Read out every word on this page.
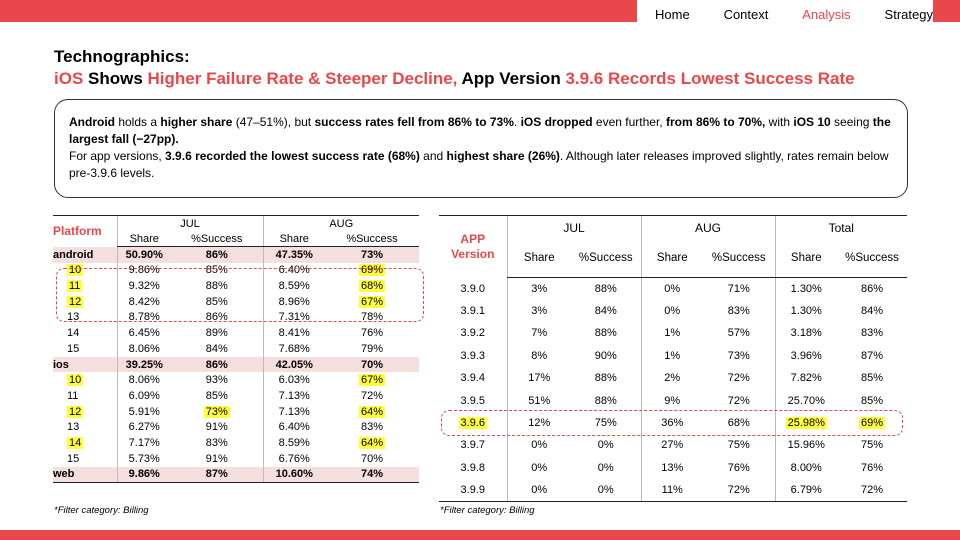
Home	Context	Analysis	Strategy
Technographics:
iOS Shows Higher Failure Rate & Steeper Decline, App Version 3.9.6 Records Lowest Success Rate
Android holds a higher share (47–51%), but success rates fell from 86% to 73%. iOS dropped even further, from 86% to 70%, with iOS 10 seeing the largest fall (−27pp).
For app versions, 3.9.6 recorded the lowest success rate (68%) and highest share (26%). Although later releases improved slightly, rates remain below pre-3.9.6 levels.
Platform	JUL		AUG	
	Share	%Success	Share	%Success
android	50.90%	86%	47.35%	73%
10	9.86%	85%	6.40%	69%
11	9.32%	88%	8.59%	68%
12	8.42%	85%	8.96%	67%
13	8.78%	86%	7.31%	78%
14	6.45%	89%	8.41%	76%
15	8.06%	84%	7.68%	79%
ios	39.25%	86%	42.05%	70%
10	8.06%	93%	6.03%	67%
11	6.09%	85%	7.13%	72%
12	5.91%	73%	7.13%	64%
13	6.27%	91%	6.40%	83%
14	7.17%	83%	8.59%	64%
15	5.73%	91%	6.76%	70%
web	9.86%	87%	10.60%	74%
*Filter category: Billing
APP
Version	JUL		AUG		Total	
	Share	%Success	Share	%Success	Share	%Success
3.9.0	3%	88%	0%	71%	1.30%	86%
3.9.1	3%	84%	0%	83%	1.30%	84%
3.9.2	7%	88%	1%	57%	3.18%	83%
3.9.3	8%	90%	1%	73%	3.96%	87%
3.9.4	17%	88%	2%	72%	7.82%	85%
3.9.5	51%	88%	9%	72%	25.70%	85%
3.9.6	12%	75%	36%	68%	25.98%	69%
3.9.7	0%	0%	27%	75%	15.96%	75%
3.9.8	0%	0%	13%	76%	8.00%	76%
3.9.9	0%	0%	11%	72%	6.79%	72%
*Filter category: Billing
